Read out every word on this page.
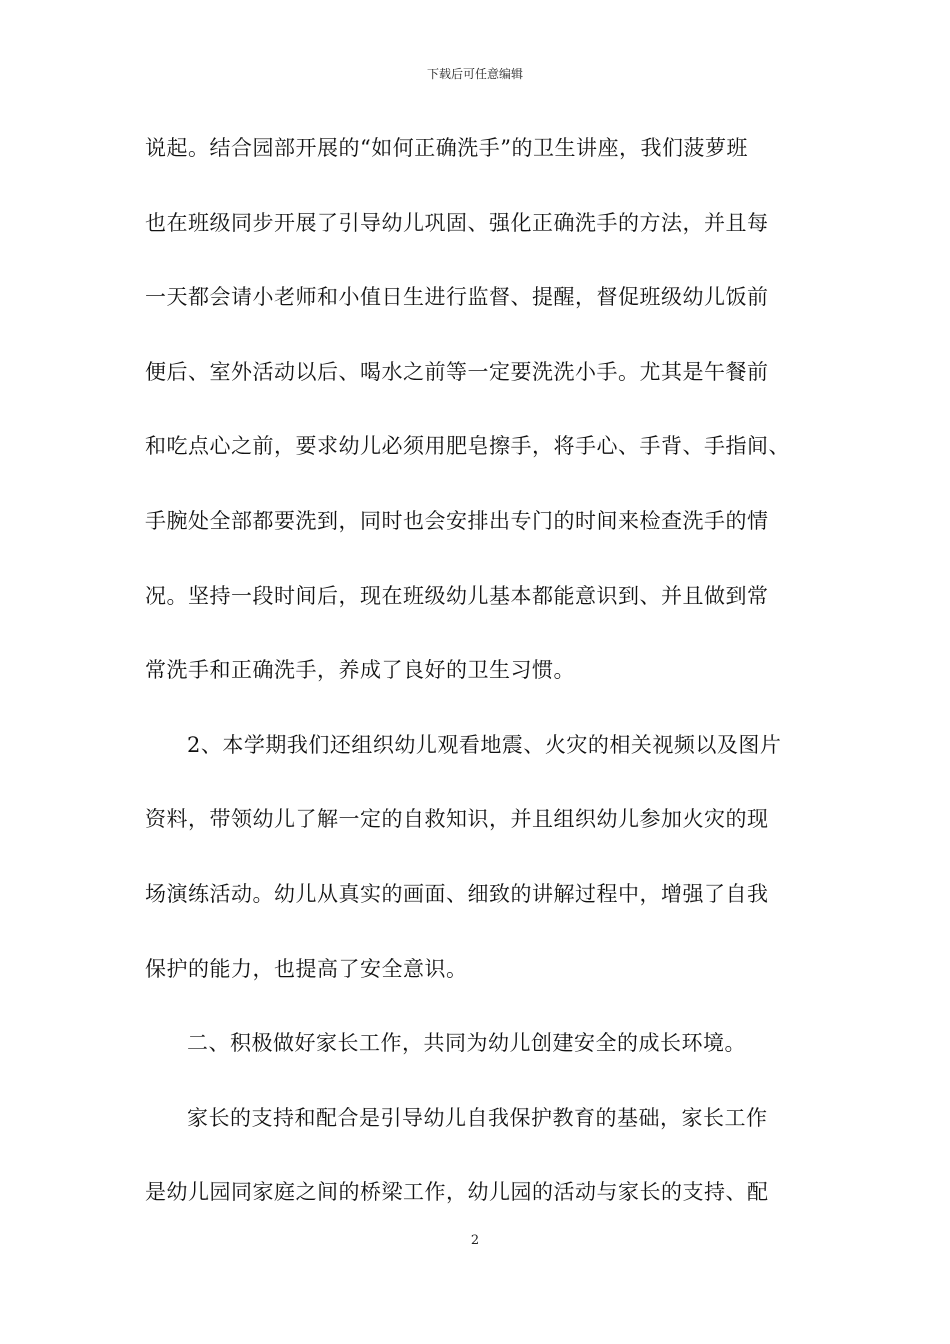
下载后可任意编辑
说起。结合园部开展的“如何正确洗手”的卫生讲座，我们菠萝班
也在班级同步开展了引导幼儿巩固、强化正确洗手的方法，并且每
一天都会请小老师和小值日生进行监督、提醒，督促班级幼儿饭前
便后、室外活动以后、喝水之前等一定要洗洗小手。尤其是午餐前
和吃点心之前，要求幼儿必须用肥皂擦手，将手心、手背、手指间、
手腕处全部都要洗到，同时也会安排出专门的时间来检查洗手的情
况。坚持一段时间后，现在班级幼儿基本都能意识到、并且做到常
常洗手和正确洗手，养成了良好的卫生习惯。
2、本学期我们还组织幼儿观看地震、火灾的相关视频以及图片
资料，带领幼儿了解一定的自救知识，并且组织幼儿参加火灾的现
场演练活动。幼儿从真实的画面、细致的讲解过程中，增强了自我
保护的能力，也提高了安全意识。
二、积极做好家长工作，共同为幼儿创建安全的成长环境。
家长的支持和配合是引导幼儿自我保护教育的基础，家长工作
是幼儿园同家庭之间的桥梁工作，幼儿园的活动与家长的支持、配
2
